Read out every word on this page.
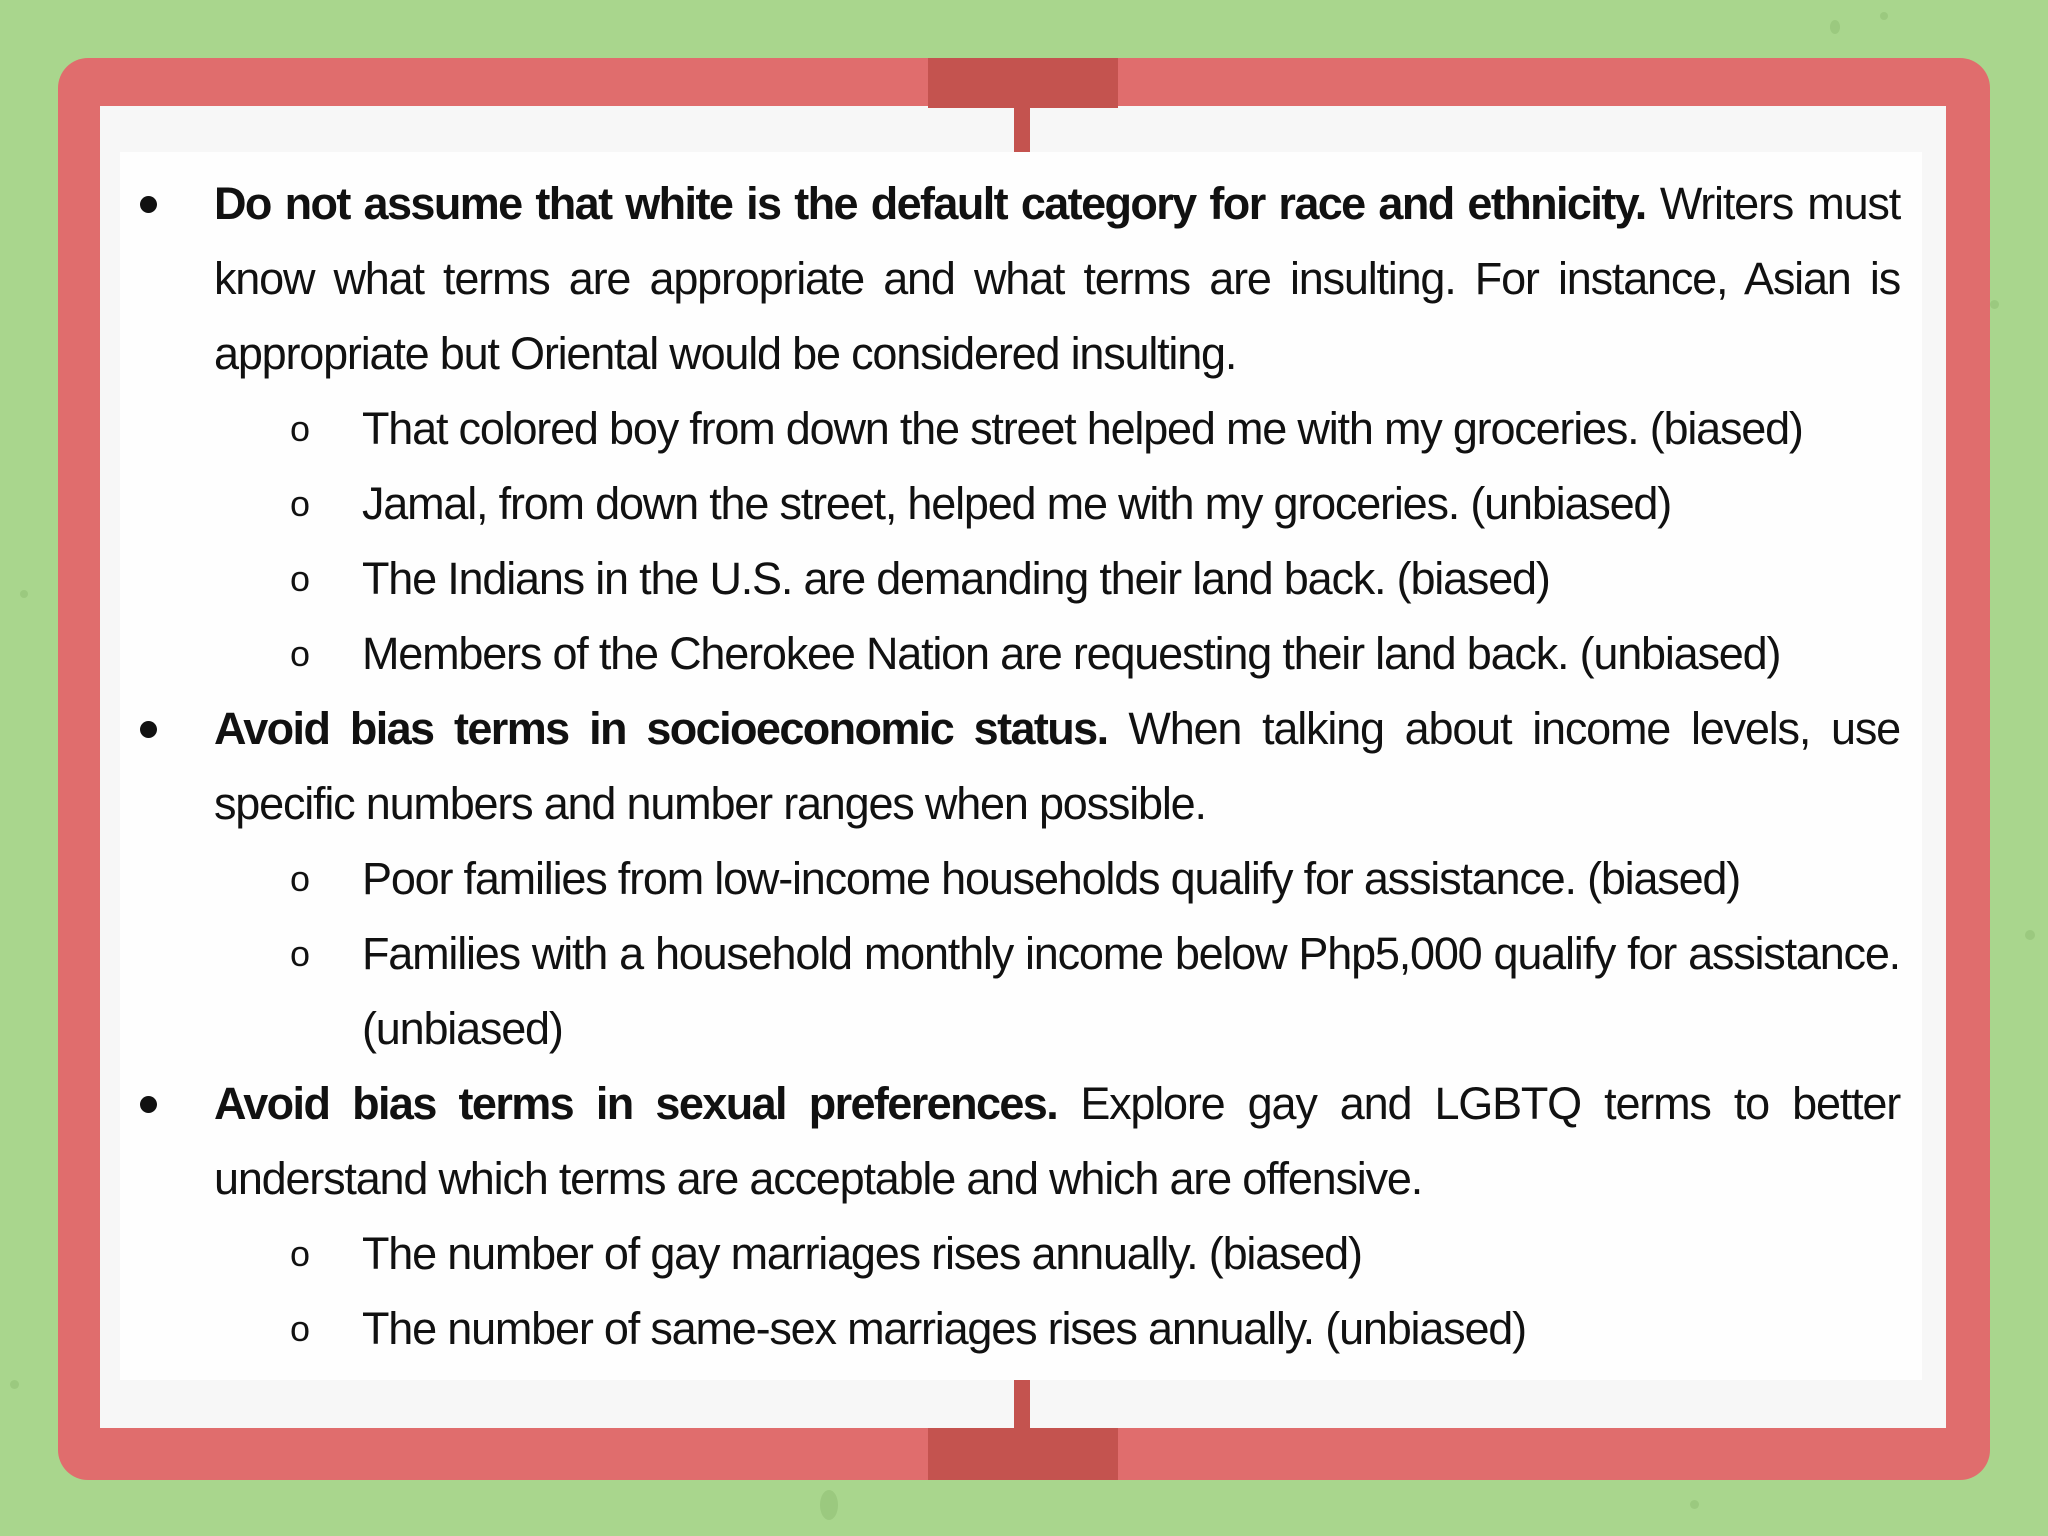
Do not assume that white is the default category for race and ethnicity. Writers must know what terms are appropriate and what terms are insulting. For instance, Asian is appropriate but Oriental would be considered insulting.
o That colored boy from down the street helped me with my groceries. (biased)
o Jamal, from down the street, helped me with my groceries. (unbiased)
o The Indians in the U.S. are demanding their land back. (biased)
o Members of the Cherokee Nation are requesting their land back. (unbiased)
Avoid bias terms in socioeconomic status. When talking about income levels, use specific numbers and number ranges when possible.
o Poor families from low-income households qualify for assistance. (biased)
o Families with a household monthly income below Php5,000 qualify for assistance. (unbiased)
Avoid bias terms in sexual preferences. Explore gay and LGBTQ terms to better understand which terms are acceptable and which are offensive.
o The number of gay marriages rises annually. (biased)
o The number of same-sex marriages rises annually. (unbiased)
